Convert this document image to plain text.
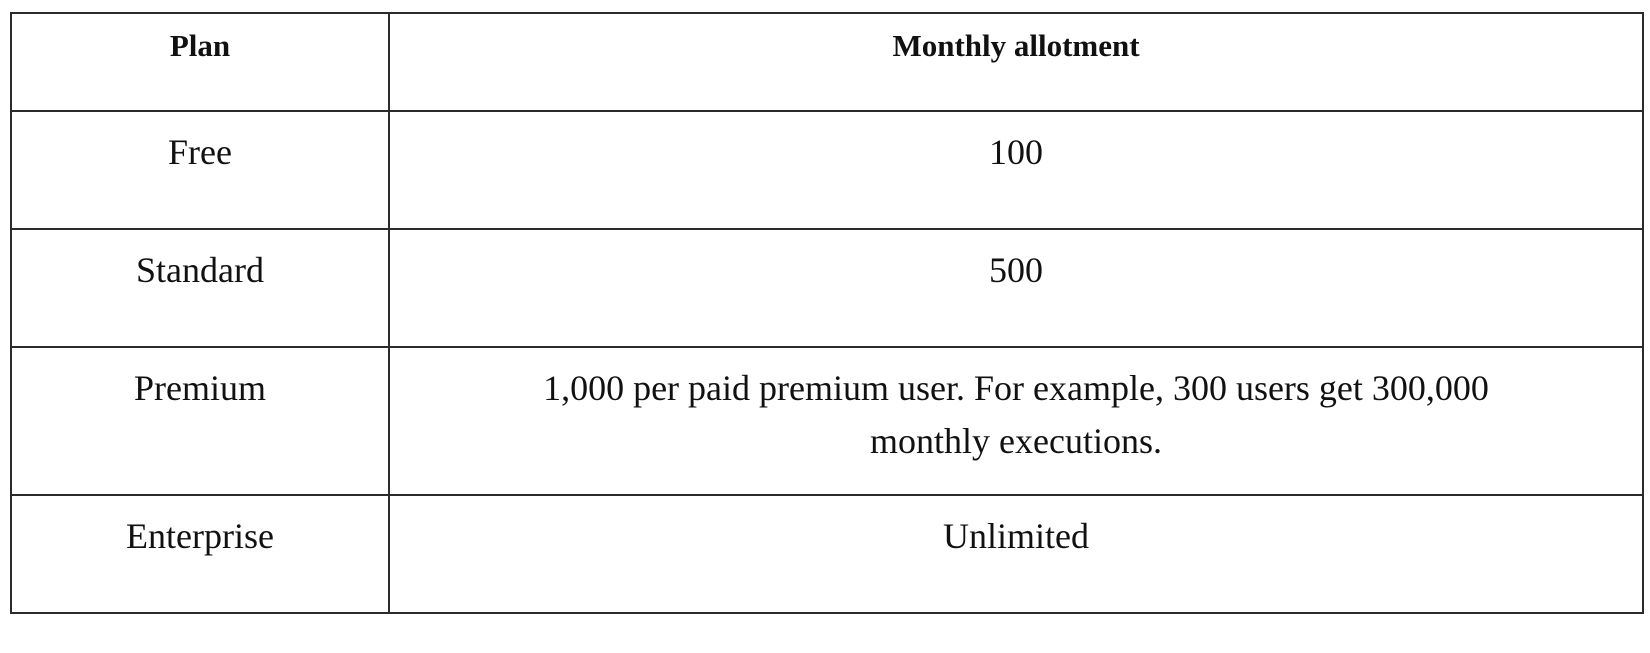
Plan	Monthly allotment
Free	100
Standard	500
Premium	1,000 per paid premium user. For example, 300 users get 300,000 monthly executions.
Enterprise	Unlimited
